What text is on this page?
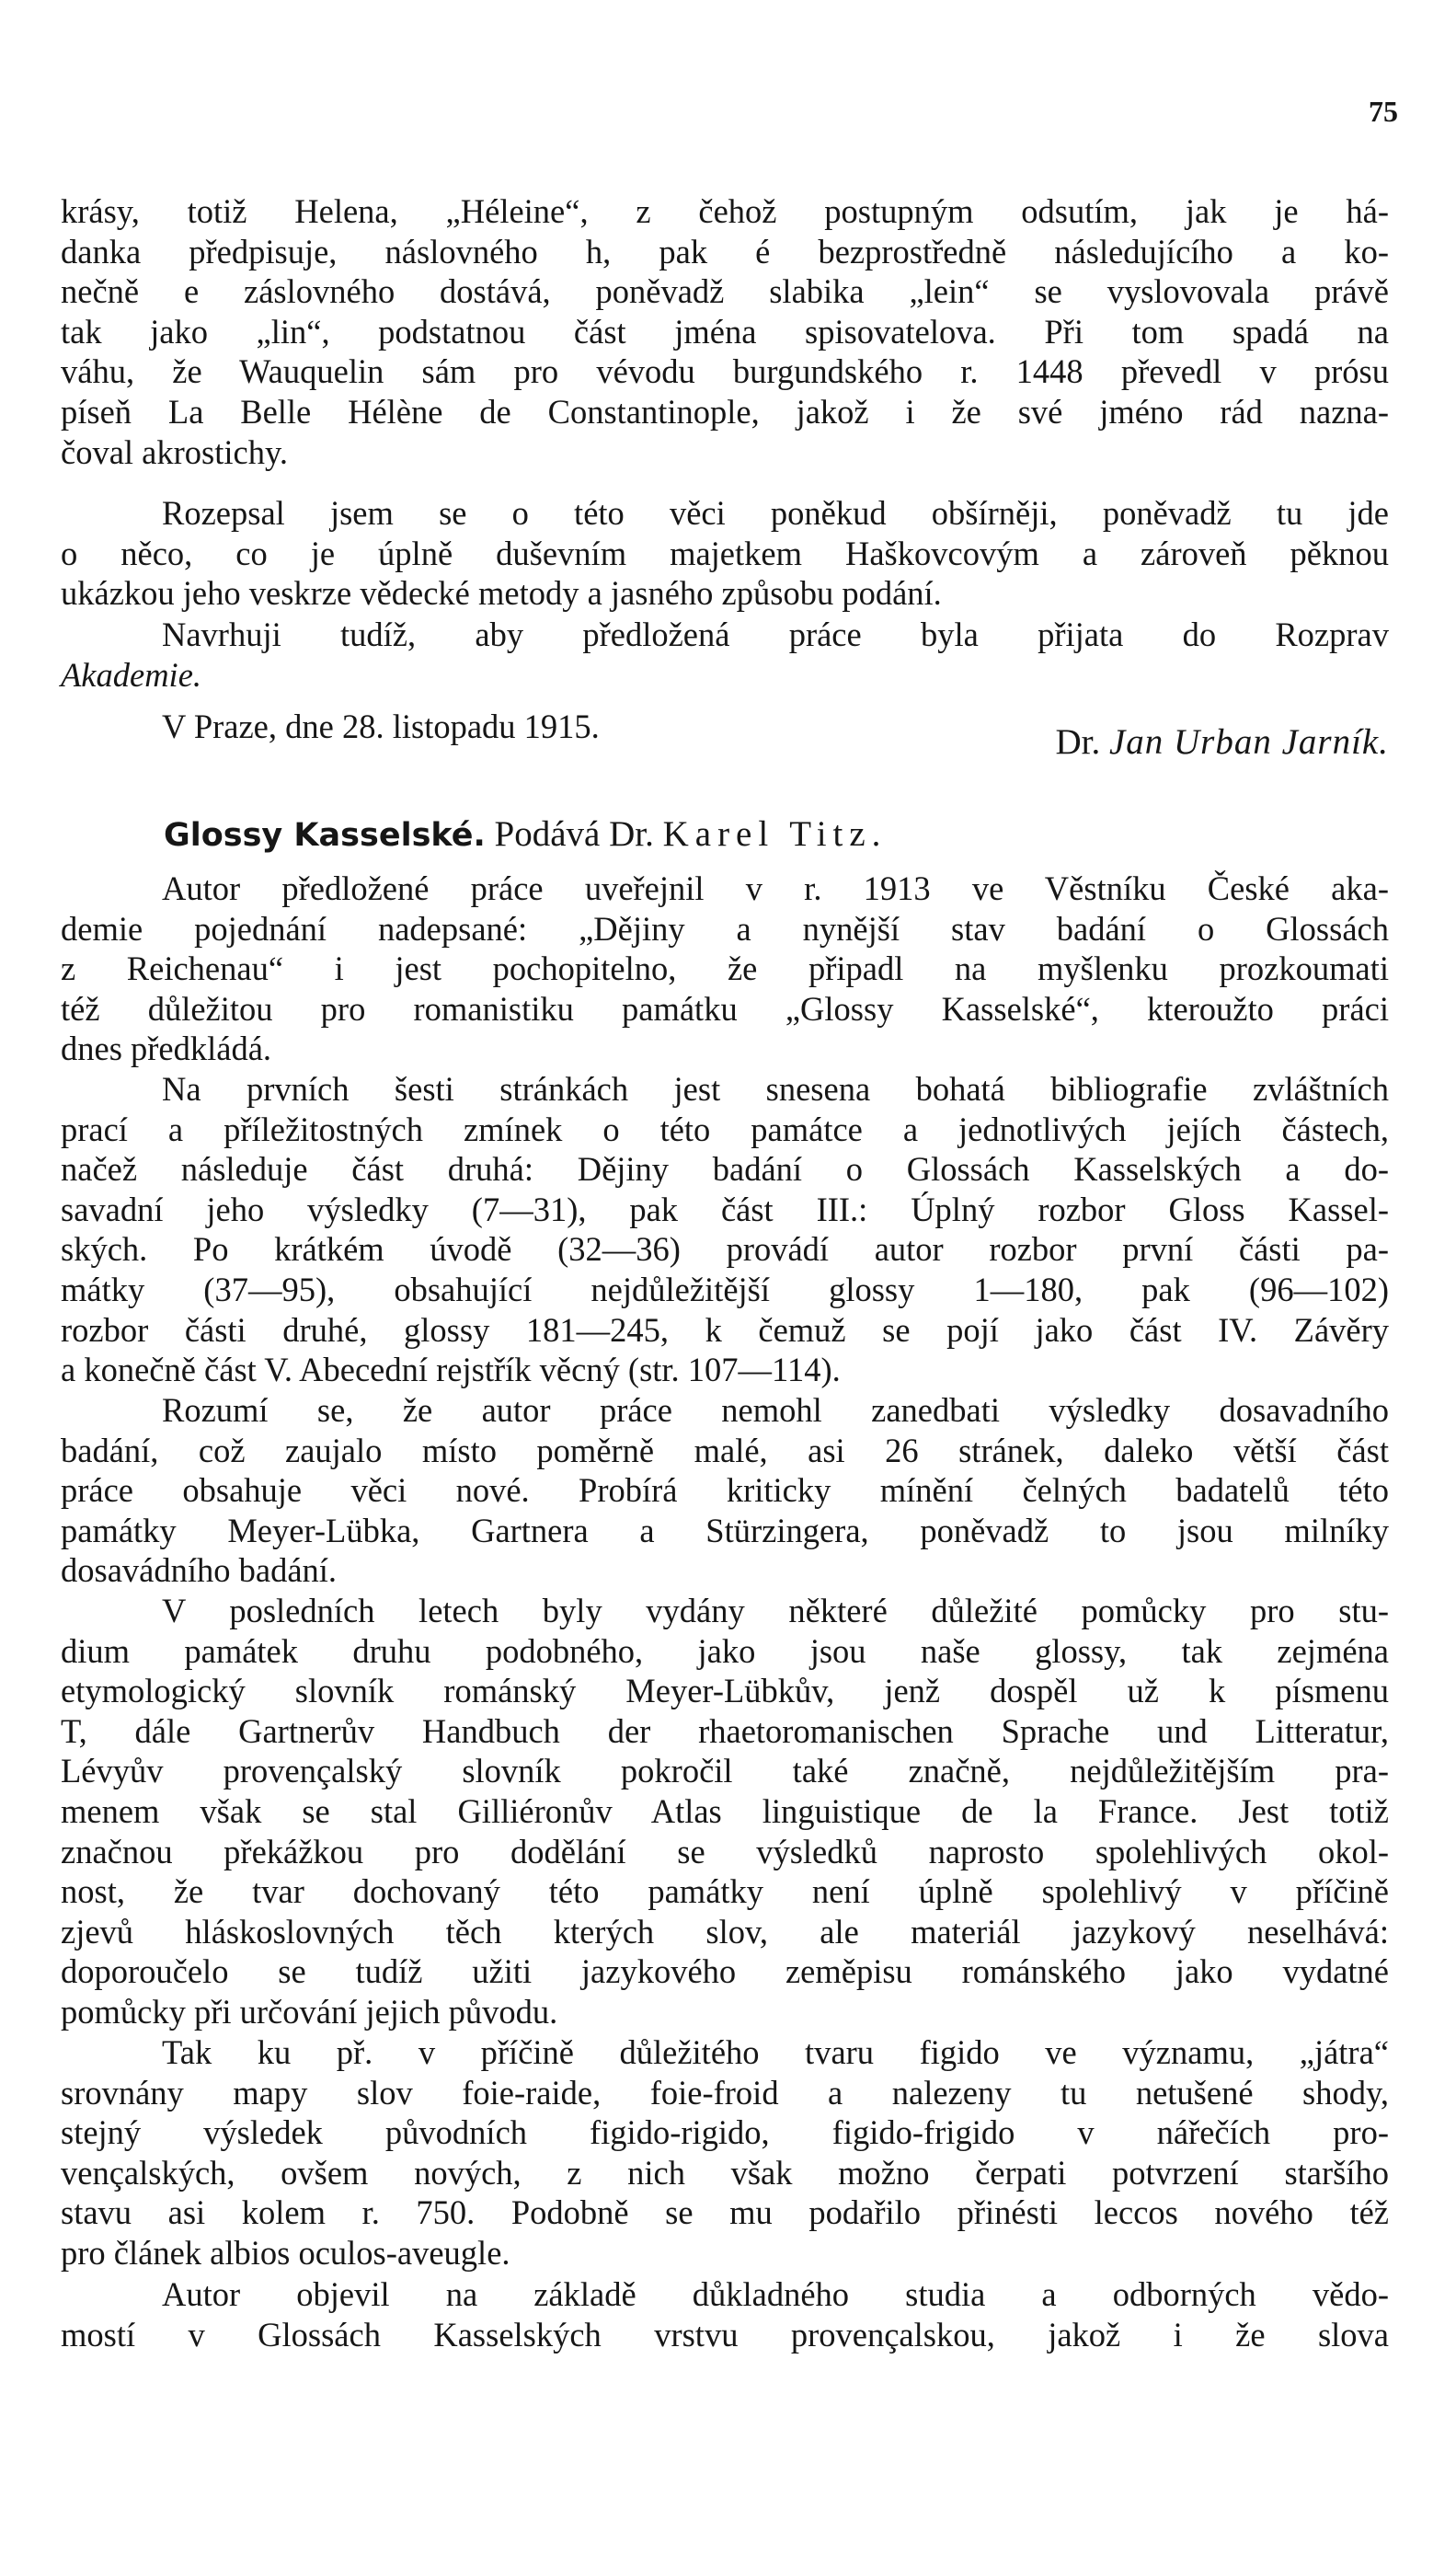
75
krásy, totiž Helena, „Héleine“, z čehož postupným odsutím, jak je há-
danka předpisuje, náslovného h, pak é bezprostředně následujícího a ko-
nečně e záslovného dostává, poněvadž slabika „lein“ se vyslovovala právě
tak jako „lin“, podstatnou část jména spisovatelova. Při tom spadá na
váhu, že Wauquelin sám pro vévodu burgundského r. 1448 převedl v prósu
píseň La Belle Hélène de Constantinople, jakož i že své jméno rád nazna-
čoval akrostichy.
Rozepsal jsem se o této věci poněkud obšírněji, poněvadž tu jde
o něco, co je úplně duševním majetkem Haškovcovým a zároveň pěknou
ukázkou jeho veskrze vědecké metody a jasného způsobu podání.
Navrhuji tudíž, aby předložená práce byla přijata do Rozprav
Akademie.
V Praze, dne 28. listopadu 1915.	Dr. Jan Urban Jarník.
Glossy Kasselské. Podává Dr. Karel Titz.
Autor předložené práce uveřejnil v r. 1913 ve Věstníku České aka-
demie pojednání nadepsané: „Dějiny a nynější stav badání o Glossách
z Reichenau“ i jest pochopitelno, že připadl na myšlenku prozkoumati
též důležitou pro romanistiku památku „Glossy Kasselské“, kteroužto práci
dnes předkládá.
Na prvních šesti stránkách jest snesena bohatá bibliografie zvláštních
prací a příležitostných zmínek o této památce a jednotlivých jejích částech,
načež následuje část druhá: Dějiny badání o Glossách Kasselských a do-
savadní jeho výsledky (7—31), pak část III.: Úplný rozbor Gloss Kassel-
ských. Po krátkém úvodě (32—36) provádí autor rozbor první části pa-
mátky (37—95), obsahující nejdůležitější glossy 1—180, pak (96—102)
rozbor části druhé, glossy 181—245, k čemuž se pojí jako část IV. Závěry
a konečně část V. Abecední rejstřík věcný (str. 107—114).
Rozumí se, že autor práce nemohl zanedbati výsledky dosavadního
badání, což zaujalo místo poměrně malé, asi 26 stránek, daleko větší část
práce obsahuje věci nové. Probírá kriticky mínění čelných badatelů této
památky Meyer-Lübka, Gartnera a Stürzingera, poněvadž to jsou milníky
dosavádního badání.
V posledních letech byly vydány některé důležité pomůcky pro stu-
dium památek druhu podobného, jako jsou naše glossy, tak zejména
etymologický slovník románský Meyer-Lübkův, jenž dospěl už k písmenu
T, dále Gartnerův Handbuch der rhaetoromanischen Sprache und Litteratur,
Lévyův provençalský slovník pokročil také značně, nejdůležitějším pra-
menem však se stal Gilliéronův Atlas linguistique de la France. Jest totiž
značnou překážkou pro dodělání se výsledků naprosto spolehlivých okol-
nost, že tvar dochovaný této památky není úplně spolehlivý v příčině
zjevů hláskoslovných těch kterých slov, ale materiál jazykový neselhává:
doporoučelo se tudíž užiti jazykového zeměpisu románského jako vydatné
pomůcky při určování jejich původu.
Tak ku př. v příčině důležitého tvaru figido ve významu, „játra“
srovnány mapy slov foie-raide, foie-froid a nalezeny tu netušené shody,
stejný výsledek původních figido-rigido, figido-frigido v nářečích pro-
vençalských, ovšem nových, z nich však možno čerpati potvrzení staršího
stavu asi kolem r. 750. Podobně se mu podařilo přinésti leccos nového též
pro článek albios oculos-aveugle.
Autor objevil na základě důkladného studia a odborných vědo-
mostí v Glossách Kasselských vrstvu provençalskou, jakož i že slova
